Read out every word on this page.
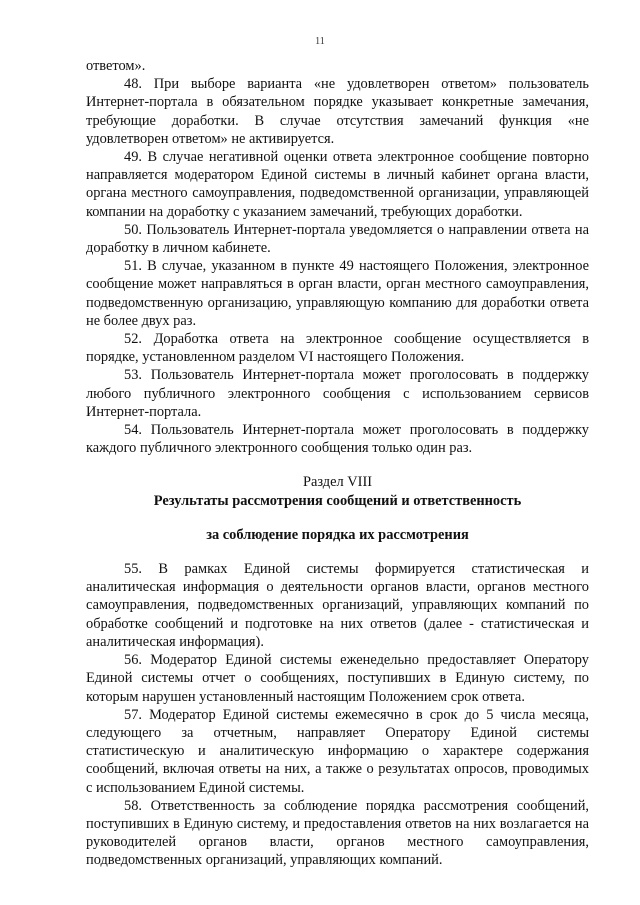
11

ответом».

48. При выборе варианта «не удовлетворен ответом» пользователь Интернет-портала в обязательном порядке указывает конкретные замечания, требующие доработки. В случае отсутствия замечаний функция «не удовлетворен ответом» не активируется.

49. В случае негативной оценки ответа электронное сообщение повторно направляется модератором Единой системы в личный кабинет органа власти, органа местного самоуправления, подведомственной организации, управляющей компании на доработку с указанием замечаний, требующих доработки.

50. Пользователь Интернет-портала уведомляется о направлении ответа на доработку в личном кабинете.

51. В случае, указанном в пункте 49 настоящего Положения, электронное сообщение может направляться в орган власти, орган местного самоуправления, подведомственную организацию, управляющую компанию для доработки ответа не более двух раз.

52. Доработка ответа на электронное сообщение осуществляется в порядке, установленном разделом VI настоящего Положения.

53. Пользователь Интернет-портала может проголосовать в поддержку любого публичного электронного сообщения с использованием сервисов Интернет-портала.

54. Пользователь Интернет-портала может проголосовать в поддержку каждого публичного электронного сообщения только один раз.

Раздел VIII

Результаты рассмотрения сообщений и ответственность

за соблюдение порядка их рассмотрения

55. В рамках Единой системы формируется статистическая и аналитическая информация о деятельности органов власти, органов местного самоуправления, подведомственных организаций, управляющих компаний по обработке сообщений и подготовке на них ответов (далее - статистическая и аналитическая информация).

56. Модератор Единой системы еженедельно предоставляет Оператору Единой системы отчет о сообщениях, поступивших в Единую систему, по которым нарушен установленный настоящим Положением срок ответа.

57. Модератор Единой системы ежемесячно в срок до 5 числа месяца, следующего за отчетным, направляет Оператору Единой системы статистическую и аналитическую информацию о характере содержания сообщений, включая ответы на них, а также о результатах опросов, проводимых с использованием Единой системы.

58. Ответственность за соблюдение порядка рассмотрения сообщений, поступивших в Единую систему, и предоставления ответов на них возлагается на руководителей органов власти, органов местного самоуправления, подведомственных организаций, управляющих компаний.
